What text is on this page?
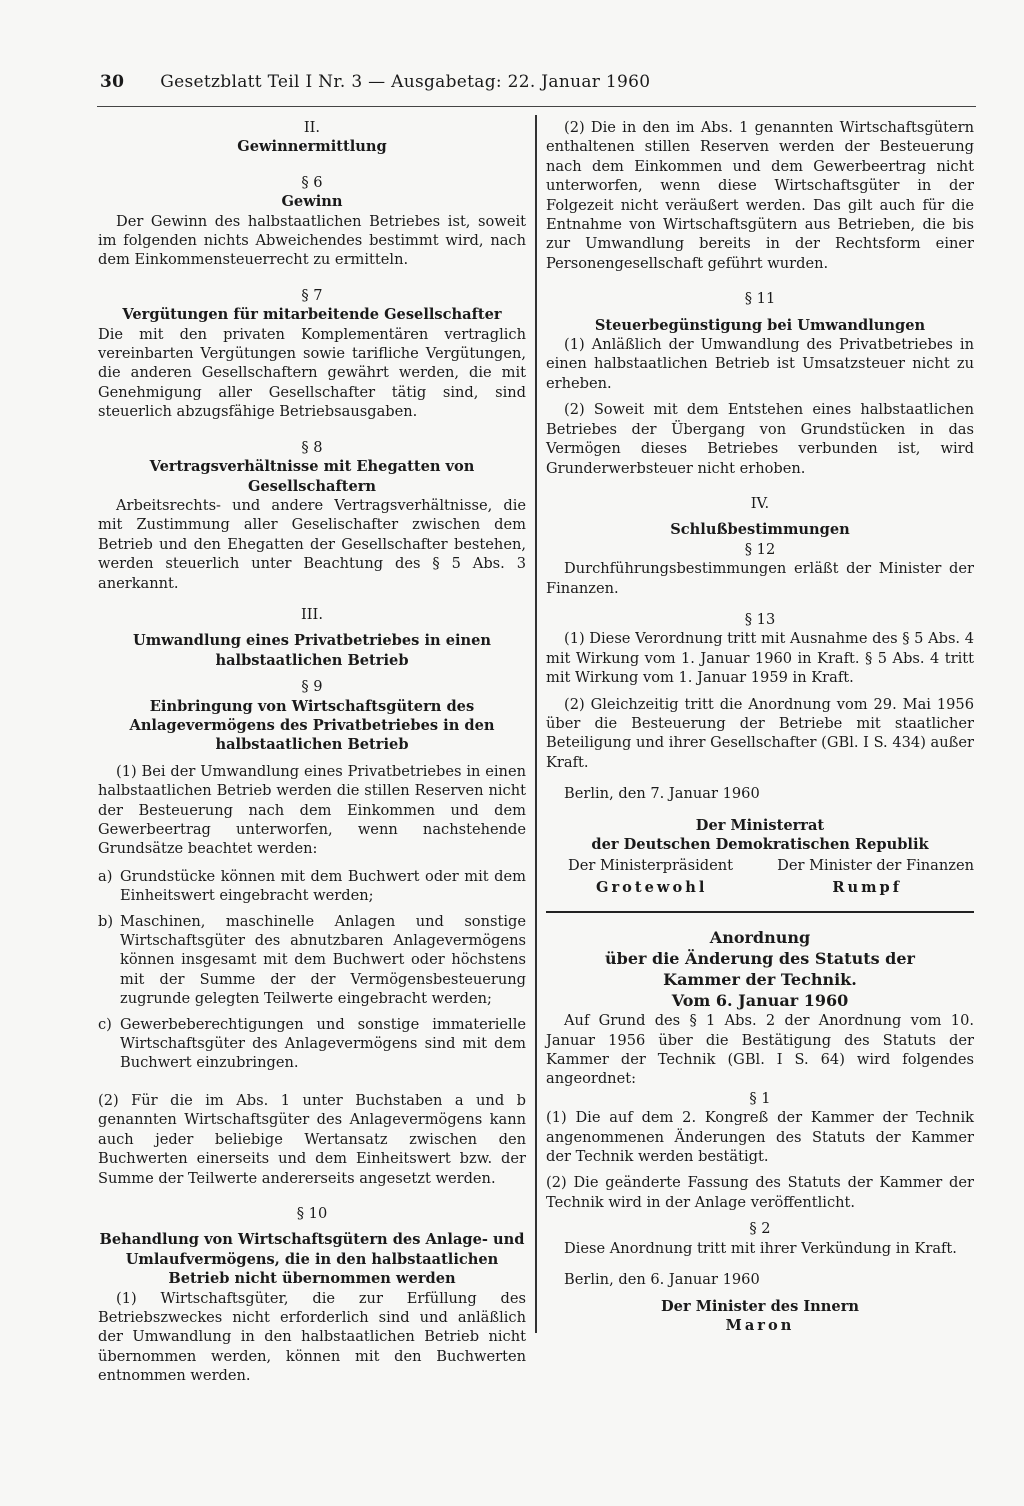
30 Gesetzblatt Teil I Nr. 3 — Ausgabetag: 22. Januar 1960
II.
Gewinnermittlung
§ 6
Gewinn

Der Gewinn des halbstaatlichen Betriebes ist, soweit im folgenden nichts Abweichendes bestimmt wird, nach dem Einkommensteuerrecht zu ermitteln.

§ 7
Vergütungen für mitarbeitende Gesellschafter

Die mit den privaten Komplementären vertraglich vereinbarten Vergütungen sowie tarifliche Vergütungen, die anderen Gesellschaftern gewährt werden, die mit Genehmigung aller Gesellschafter tätig sind, sind steuerlich abzugsfähige Betriebsausgaben.

§ 8
Vertragsverhältnisse mit Ehegatten von Gesellschaftern

Arbeitsrechts- und andere Vertragsverhältnisse, die mit Zustimmung aller Geselischafter zwischen dem Betrieb und den Ehegatten der Gesellschafter bestehen, werden steuerlich unter Beachtung des § 5 Abs. 3 anerkannt.

III.
Umwandlung eines Privatbetriebes in einen halbstaatlichen Betrieb
§ 9
Einbringung von Wirtschaftsgütern des Anlagevermögens des Privatbetriebes in den halbstaatlichen Betrieb

(1) Bei der Umwandlung eines Privatbetriebes in einen halbstaatlichen Betrieb werden die stillen Reserven nicht der Besteuerung nach dem Einkommen und dem Gewerbeertrag unterworfen, wenn nachstehende Grundsätze beachtet werden:

a) Grundstücke können mit dem Buchwert oder mit dem Einheitswert eingebracht werden;
b) Maschinen, maschinelle Anlagen und sonstige Wirtschaftsgüter des abnutzbaren Anlagevermögens können insgesamt mit dem Buchwert oder höchstens mit der Summe der der Vermögensbesteuerung zugrunde gelegten Teilwerte eingebracht werden;
c) Gewerbeberechtigungen und sonstige immaterielle Wirtschaftsgüter des Anlagevermögens sind mit dem Buchwert einzubringen.

(2) Für die im Abs. 1 unter Buchstaben a und b genannten Wirtschaftsgüter des Anlagevermögens kann auch jeder beliebige Wertansatz zwischen den Buchwerten einerseits und dem Einheitswert bzw. der Summe der Teilwerte andererseits angesetzt werden.

§ 10
Behandlung von Wirtschaftsgütern des Anlage- und Umlaufvermögens, die in den halbstaatlichen Betrieb nicht übernommen werden

(1) Wirtschaftsgüter, die zur Erfüllung des Betriebszweckes nicht erforderlich sind und anläßlich der Umwandlung in den halbstaatlichen Betrieb nicht übernommen werden, können mit den Buchwerten entnommen werden.

(2) Die in den im Abs. 1 genannten Wirtschaftsgütern enthaltenen stillen Reserven werden der Besteuerung nach dem Einkommen und dem Gewerbeertrag nicht unterworfen, wenn diese Wirtschaftsgüter in der Folgezeit nicht veräußert werden. Das gilt auch für die Entnahme von Wirtschaftsgütern aus Betrieben, die bis zur Umwandlung bereits in der Rechtsform einer Personengesellschaft geführt wurden.

§ 11
Steuerbegünstigung bei Umwandlungen

(1) Anläßlich der Umwandlung des Privatbetriebes in einen halbstaatlichen Betrieb ist Umsatzsteuer nicht zu erheben.

(2) Soweit mit dem Entstehen eines halbstaatlichen Betriebes der Übergang von Grundstücken in das Vermögen dieses Betriebes verbunden ist, wird Grunderwerbsteuer nicht erhoben.

IV.
Schlußbestimmungen
§ 12

Durchführungsbestimmungen erläßt der Minister der Finanzen.

§ 13

(1) Diese Verordnung tritt mit Ausnahme des § 5 Abs. 4 mit Wirkung vom 1. Januar 1960 in Kraft. § 5 Abs. 4 tritt mit Wirkung vom 1. Januar 1959 in Kraft.

(2) Gleichzeitig tritt die Anordnung vom 29. Mai 1956 über die Besteuerung der Betriebe mit staatlicher Beteiligung und ihrer Gesellschafter (GBl. I S. 434) außer Kraft.

Berlin, den 7. Januar 1960

Der Ministerrat
der Deutschen Demokratischen Republik
Der Ministerpräsident	Der Minister der Finanzen
Grotewohl	Rumpf
Anordnung
über die Änderung des Statuts der
Kammer der Technik.
Vom 6. Januar 1960

Auf Grund des § 1 Abs. 2 der Anordnung vom 10. Januar 1956 über die Bestätigung des Statuts der Kammer der Technik (GBl. I S. 64) wird folgendes angeordnet:

§ 1

(1) Die auf dem 2. Kongreß der Kammer der Technik angenommenen Änderungen des Statuts der Kammer der Technik werden bestätigt.

(2) Die geänderte Fassung des Statuts der Kammer der Technik wird in der Anlage veröffentlicht.

§ 2

Diese Anordnung tritt mit ihrer Verkündung in Kraft.

Berlin, den 6. Januar 1960

Der Minister des Innern
Maron
